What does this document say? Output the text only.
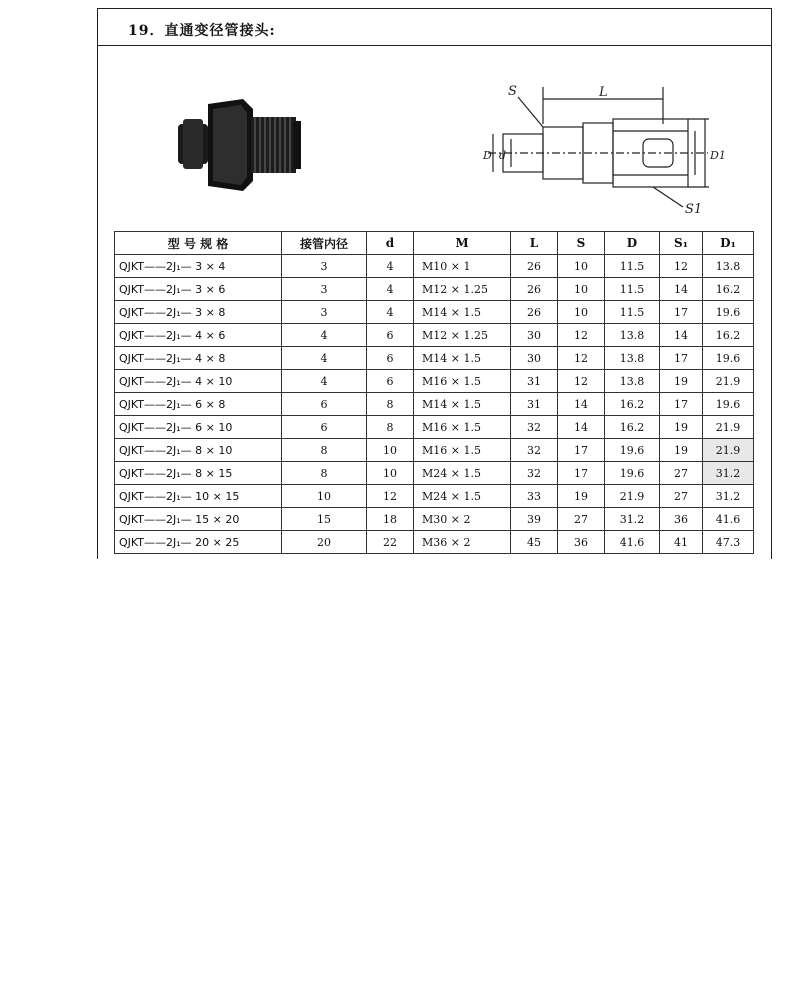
19．直通变径管接头:
S	L
D d	D1
S1
型 号 规 格	接管内径	d	M	L	S	D	S₁	D₁
QJKT——2J₁— 3 × 4	3	4	M10 × 1	26	10	11.5	12	13.8
QJKT——2J₁— 3 × 6	3	4	M12 × 1.25	26	10	11.5	14	16.2
QJKT——2J₁— 3 × 8	3	4	M14 × 1.5	26	10	11.5	17	19.6
QJKT——2J₁— 4 × 6	4	6	M12 × 1.25	30	12	13.8	14	16.2
QJKT——2J₁— 4 × 8	4	6	M14 × 1.5	30	12	13.8	17	19.6
QJKT——2J₁— 4 × 10	4	6	M16 × 1.5	31	12	13.8	19	21.9
QJKT——2J₁— 6 × 8	6	8	M14 × 1.5	31	14	16.2	17	19.6
QJKT——2J₁— 6 × 10	6	8	M16 × 1.5	32	14	16.2	19	21.9
QJKT——2J₁— 8 × 10	8	10	M16 × 1.5	32	17	19.6	19	21.9
QJKT——2J₁— 8 × 15	8	10	M24 × 1.5	32	17	19.6	27	31.2
QJKT——2J₁— 10 × 15	10	12	M24 × 1.5	33	19	21.9	27	31.2
QJKT——2J₁— 15 × 20	15	18	M30 × 2	39	27	31.2	36	41.6
QJKT——2J₁— 20 × 25	20	22	M36 × 2	45	36	41.6	41	47.3
